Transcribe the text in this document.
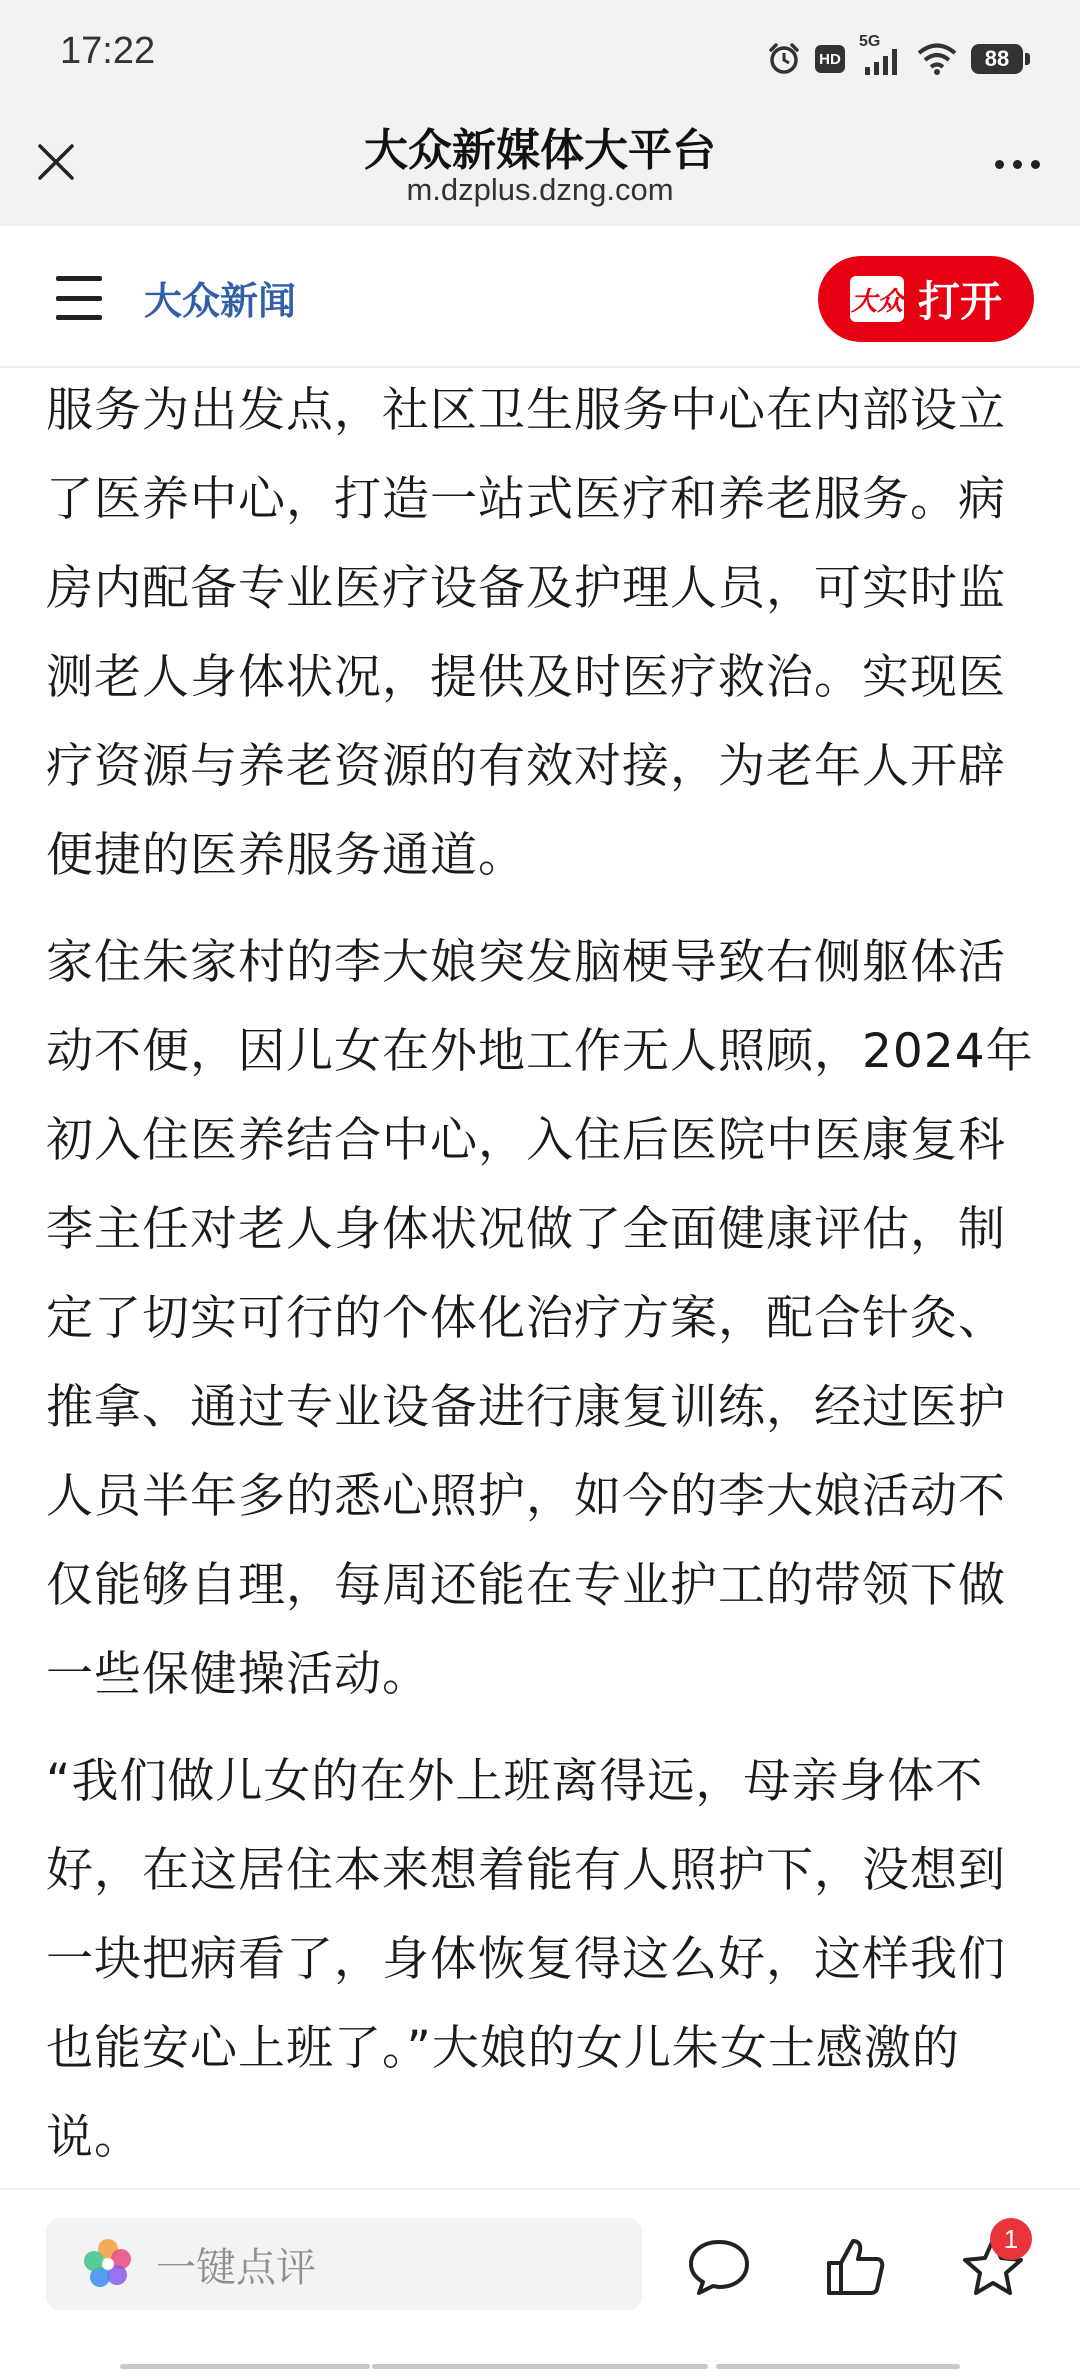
17:22	HD
5G
88
大众新媒体大平台
m.dzplus.dzng.com
大众新闻	大众 打开

服务为出发点，社区卫生服务中心在内部设立了医养中心，打造一站式医疗和养老服务。病房内配备专业医疗设备及护理人员，可实时监测老人身体状况，提供及时医疗救治。实现医疗资源与养老资源的有效对接，为老年人开辟便捷的医养服务通道。

家住朱家村的李大娘突发脑梗导致右侧躯体活动不便，因儿女在外地工作无人照顾，2024年初入住医养结合中心，入住后医院中医康复科李主任对老人身体状况做了全面健康评估，制定了切实可行的个体化治疗方案，配合针灸、推拿、通过专业设备进行康复训练，经过医护人员半年多的悉心照护，如今的李大娘活动不仅能够自理，每周还能在专业护工的带领下做一些保健操活动。

“我们做儿女的在外上班离得远，母亲身体不好，在这居住本来想着能有人照护下，没想到一块把病看了，身体恢复得这么好，这样我们也能安心上班了。”大娘的女儿朱女士感激的说。

一键点评
1
